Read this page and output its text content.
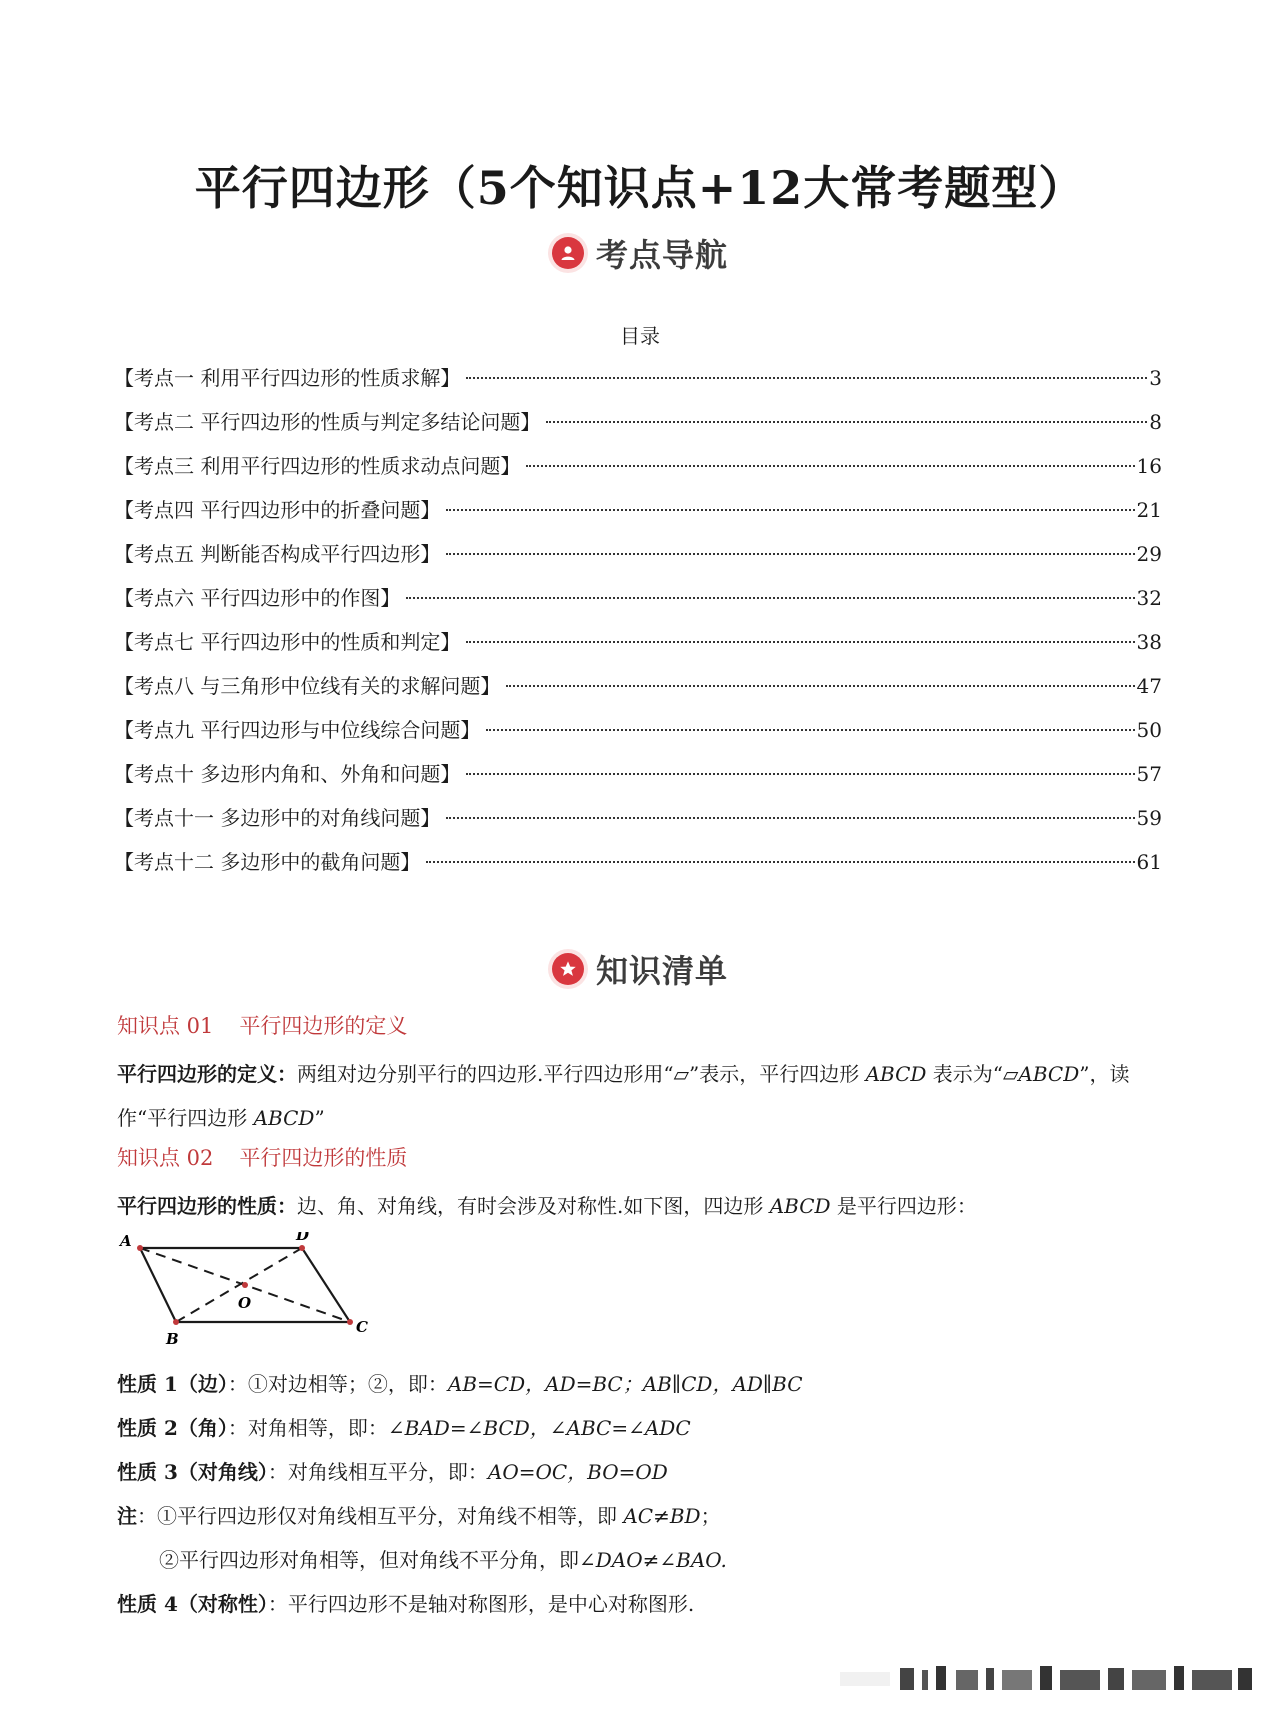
平行四边形（5个知识点+12大常考题型）
考点导航
目录
【考点一 利用平行四边形的性质求解】	3
【考点二 平行四边形的性质与判定多结论问题】	8
【考点三 利用平行四边形的性质求动点问题】	16
【考点四 平行四边形中的折叠问题】	21
【考点五 判断能否构成平行四边形】	29
【考点六 平行四边形中的作图】	32
【考点七 平行四边形中的性质和判定】	38
【考点八 与三角形中位线有关的求解问题】	47
【考点九 平行四边形与中位线综合问题】	50
【考点十 多边形内角和、外角和问题】	57
【考点十一 多边形中的对角线问题】	59
【考点十二 多边形中的截角问题】	61
知识清单
知识点 01 平行四边形的定义
平行四边形的定义：两组对边分别平行的四边形.平行四边形用“▱”表示，平行四边形 ABCD 表示为“▱ABCD”，读作“平行四边形 ABCD”
知识点 02 平行四边形的性质
平行四边形的性质：边、角、对角线，有时会涉及对称性.如下图，四边形 ABCD 是平行四边形：
A	D
C
B
O
性质 1（边）：①对边相等；②，即：AB=CD，AD=BC；AB∥CD，AD∥BC
性质 2（角）：对角相等，即：∠BAD=∠BCD，∠ABC=∠ADC
性质 3（对角线）：对角线相互平分，即：AO=OC，BO=OD
注：①平行四边形仅对角线相互平分，对角线不相等，即 AC≠BD；
②平行四边形对角相等，但对角线不平分角，即∠DAO≠∠BAO.
性质 4（对称性）：平行四边形不是轴对称图形，是中心对称图形.
